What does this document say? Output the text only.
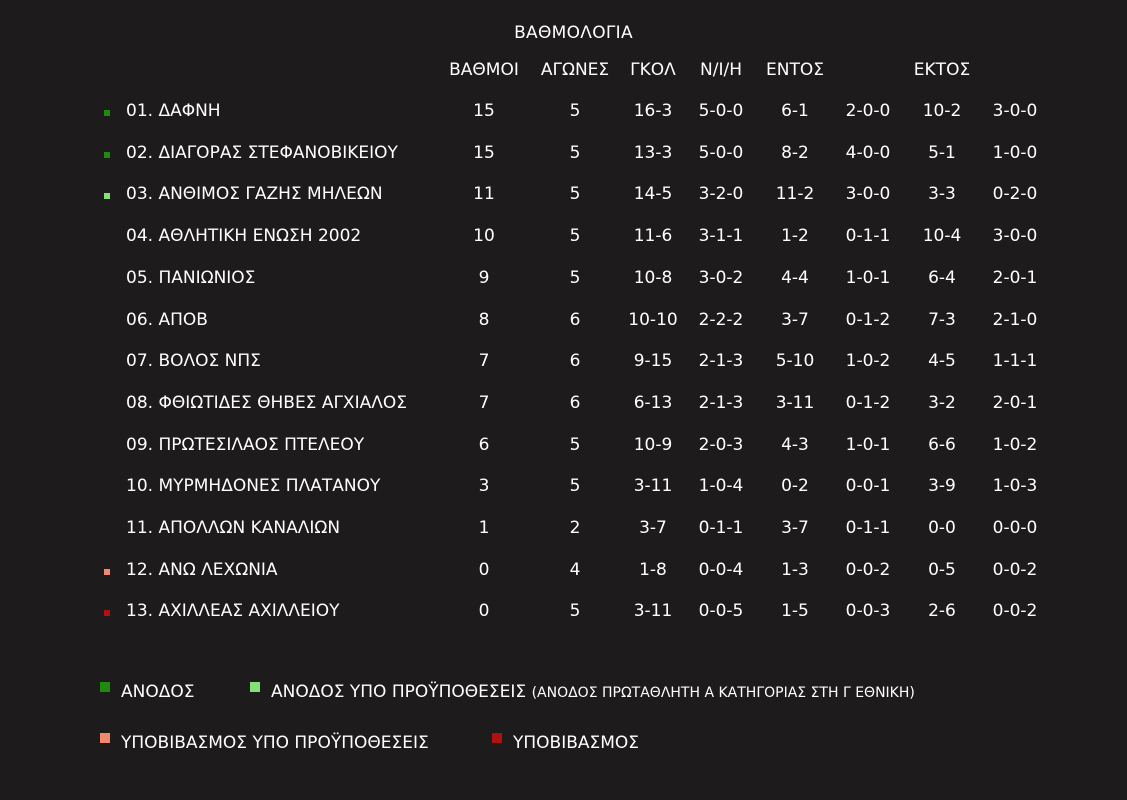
ΒΑΘΜΟΛΟΓΙΑ
ΒΑΘΜΟΙ ΑΓΩΝΕΣ ΓΚΟΛ Ν/Ι/Η ΕΝΤΟΣ	ΕΚΤΟΣ
01. ΔΑΦΝΗ	15	5	16-3 5-0-0 6-1 2-0-0 10-2 3-0-0
02. ΔΙΑΓΟΡΑΣ ΣΤΕΦΑΝΟΒΙΚΕΙΟΥ	15	5	13-3 5-0-0 8-2 4-0-0 5-1 1-0-0
03. ΑΝΘΙΜΟΣ ΓΑΖΗΣ ΜΗΛΕΩΝ	11	5	14-5 3-2-0 11-2 3-0-0 3-3 0-2-0
04. ΑΘΛΗΤΙΚΗ ΕΝΩΣΗ 2002	10	5	11-6 3-1-1 1-2 0-1-1 10-4 3-0-0
05. ΠΑΝΙΩΝΙΟΣ	9	5	10-8 3-0-2 4-4 1-0-1 6-4 2-0-1
06. ΑΠΟΒ	8	6	10-10 2-2-2 3-7 0-1-2 7-3 2-1-0
07. ΒΟΛΟΣ ΝΠΣ	7	6	9-15 2-1-3 5-10 1-0-2 4-5 1-1-1
08. ΦΘΙΩΤΙΔΕΣ ΘΗΒΕΣ ΑΓΧΙΑΛΟΣ	7	6	6-13 2-1-3 3-11 0-1-2 3-2 2-0-1
09. ΠΡΩΤΕΣΙΛΑΟΣ ΠΤΕΛΕΟΥ	6	5	10-9 2-0-3 4-3 1-0-1 6-6 1-0-2
10. ΜΥΡΜΗΔΟΝΕΣ ΠΛΑΤΑΝΟΥ	3	5	3-11 1-0-4 0-2 0-0-1 3-9 1-0-3
11. ΑΠΟΛΛΩΝ ΚΑΝΑΛΙΩΝ	1	2	3-7 0-1-1 3-7 0-1-1 0-0 0-0-0
12. ΑΝΩ ΛΕΧΩΝΙΑ	0	4	1-8 0-0-4 1-3 0-0-2 0-5 0-0-2
13. ΑΧΙΛΛΕΑΣ ΑΧΙΛΛΕΙΟΥ	0	5	3-11 0-0-5 1-5 0-0-3 2-6 0-0-2
ΑΝΟΔΟΣ	ΑΝΟΔΟΣ ΥΠΟ ΠΡΟΫΠΟΘΕΣΕΙΣ (ΑΝΟΔΟΣ ΠΡΩΤΑΘΛΗΤΗ Α ΚΑΤΗΓΟΡΙΑΣ ΣΤΗ Γ ΕΘΝΙΚΗ)
ΥΠΟΒΙΒΑΣΜΟΣ ΥΠΟ ΠΡΟΫΠΟΘΕΣΕΙΣ	ΥΠΟΒΙΒΑΣΜΟΣ
